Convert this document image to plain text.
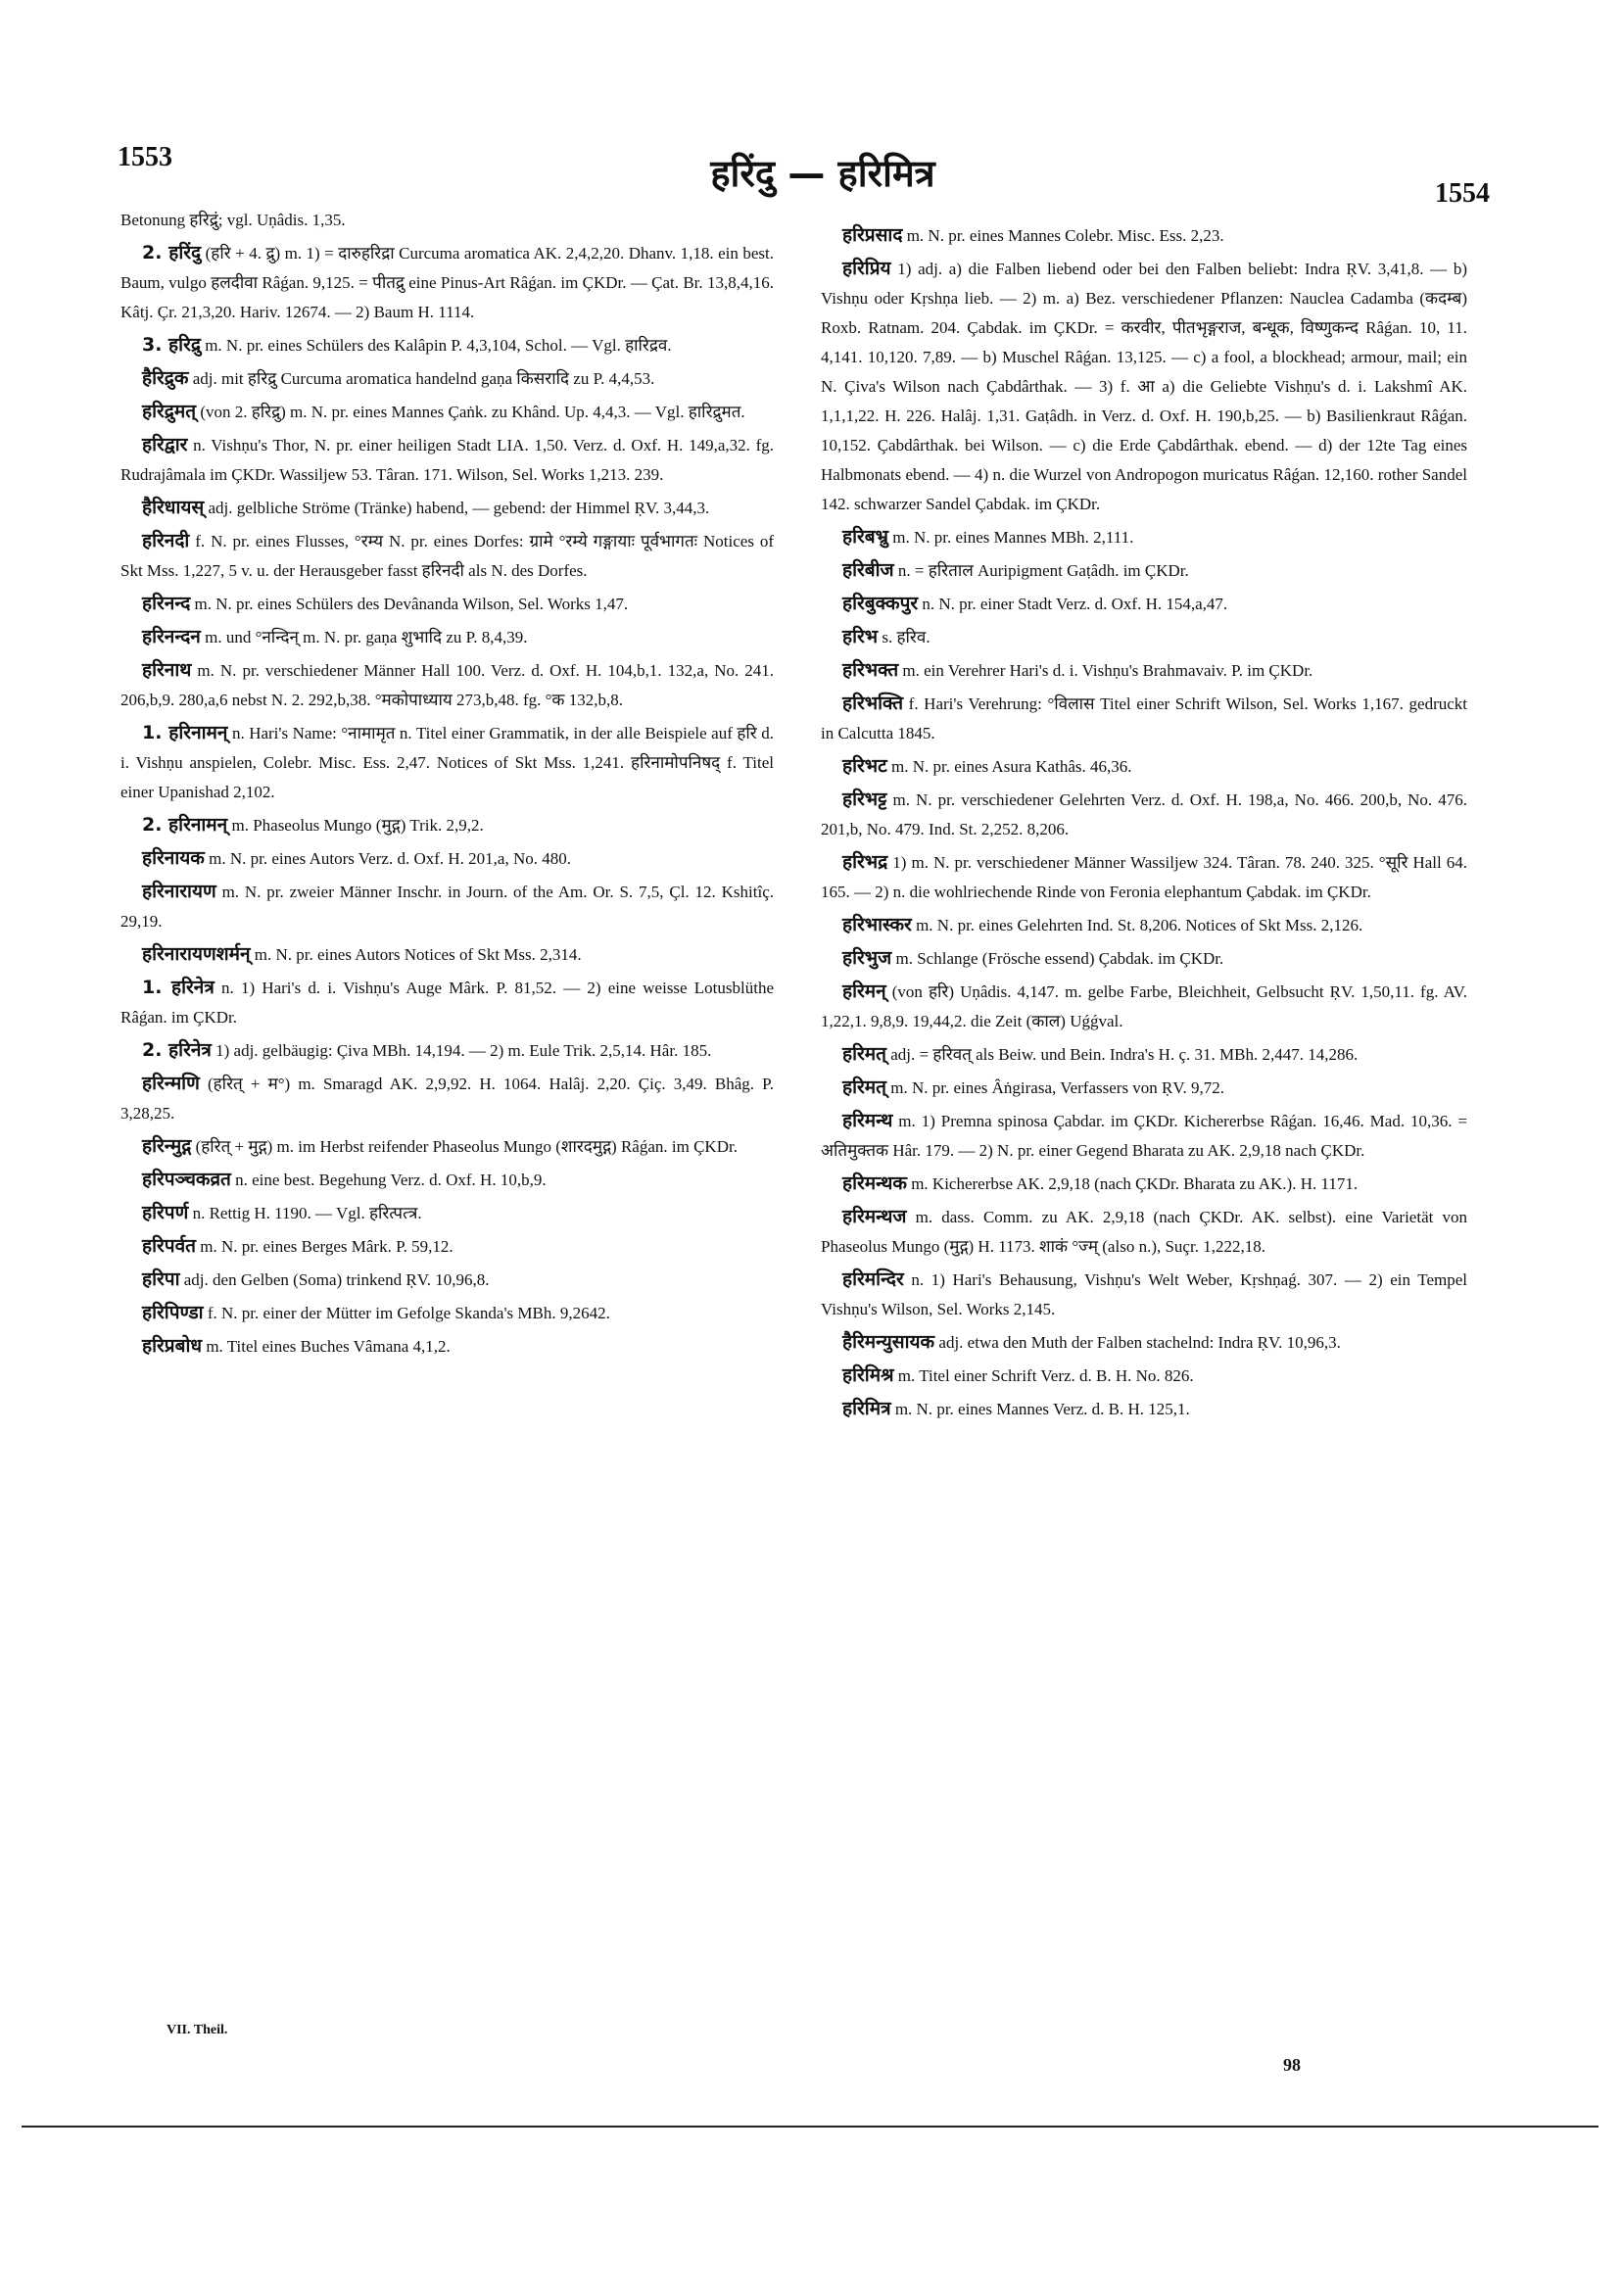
1553	हरिंदु — हरिमित्र	1554

Betonung हरिद्रुं; vgl. Uṇâdis. 1,35.

2. हरिंदु (हरि + 4. द्रु) m. 1) = दारुहरिद्रा Curcuma aromatica AK. 2,4,2,20. Dhanv. 1,18. ein best. Baum, vulgo हलदीवा Râǵan. 9,125. = पीतद्रु eine Pinus-Art Râǵan. im ÇKDr. — Çat. Br. 13,8,4,16. Kâtj. Çr. 21,3,20. Hariv. 12674. — 2) Baum H. 1114.

3. हरिद्रु m. N. pr. eines Schülers des Kalâpin P. 4,3,104, Schol. — Vgl. हारिद्रव.

हैरिद्रुक adj. mit हरिद्रु Curcuma aromatica handelnd gaṇa किसरादि zu P. 4,4,53.

हरिद्रुमत् (von 2. हरिद्रु) m. N. pr. eines Mannes Çaṅk. zu Khând. Up. 4,4,3. — Vgl. हारिद्रुमत.

हरिद्वार n. Vishṇu's Thor, N. pr. einer heiligen Stadt LIA. 1,50. Verz. d. Oxf. H. 149,a,32. fg. Rudrajâmala im ÇKDr. Wassiljew 53. Târan. 171. Wilson, Sel. Works 1,213. 239.

हैरिधायस् adj. gelbliche Ströme (Tränke) habend, — gebend: der Himmel ṚV. 3,44,3.

हरिनदी f. N. pr. eines Flusses, °रम्य N. pr. eines Dorfes: ग्रामे °रम्ये गङ्गायाः पूर्वभागतः Notices of Skt Mss. 1,227, 5 v. u. der Herausgeber fasst हरिनदी als N. des Dorfes.

हरिनन्द m. N. pr. eines Schülers des Devânanda Wilson, Sel. Works 1,47.

हरिनन्दन m. und °नन्दिन् m. N. pr. gaṇa शुभादि zu P. 8,4,39.

हरिनाथ m. N. pr. verschiedener Männer Hall 100. Verz. d. Oxf. H. 104,b,1. 132,a, No. 241. 206,b,9. 280,a,6 nebst N. 2. 292,b,38. °मकोपाध्याय 273,b,48. fg. °क 132,b,8.

1. हरिनामन् n. Hari's Name: °नामामृत n. Titel einer Grammatik, in der alle Beispiele auf हरि d. i. Vishṇu anspielen, Colebr. Misc. Ess. 2,47. Notices of Skt Mss. 1,241. हरिनामोपनिषद् f. Titel einer Upanishad 2,102.

2. हरिनामन् m. Phaseolus Mungo (मुद्ग) Trik. 2,9,2.

हरिनायक m. N. pr. eines Autors Verz. d. Oxf. H. 201,a, No. 480.

हरिनारायण m. N. pr. zweier Männer Inschr. in Journ. of the Am. Or. S. 7,5, Çl. 12. Kshitîç. 29,19.

हरिनारायणशर्मन् m. N. pr. eines Autors Notices of Skt Mss. 2,314.

1. हरिनेत्र n. 1) Hari's d. i. Vishṇu's Auge Mârk. P. 81,52. — 2) eine weisse Lotusblüthe Râǵan. im ÇKDr.

2. हरिनेत्र 1) adj. gelbäugig: Çiva MBh. 14,194. — 2) m. Eule Trik. 2,5,14. Hâr. 185.

हरिन्मणि (हरित् + म°) m. Smaragd AK. 2,9,92. H. 1064. Halâj. 2,20. Çiç. 3,49. Bhâg. P. 3,28,25.

हरिन्मुद्ग (हरित् + मुद्ग) m. im Herbst reifender Phaseolus Mungo (शारदमुद्ग) Râǵan. im ÇKDr.

हरिपञ्चकव्रत n. eine best. Begehung Verz. d. Oxf. H. 10,b,9.

हरिपर्ण n. Rettig H. 1190. — Vgl. हरित्पत्त्र.

हरिपर्वत m. N. pr. eines Berges Mârk. P. 59,12.

हरिपा adj. den Gelben (Soma) trinkend ṚV. 10,96,8.

हरिपिण्डा f. N. pr. einer der Mütter im Gefolge Skanda's MBh. 9,2642.

हरिप्रबोध m. Titel eines Buches Vâmana 4,1,2.

हरिप्रसाद m. N. pr. eines Mannes Colebr. Misc. Ess. 2,23.

हरिप्रिय 1) adj. a) die Falben liebend oder bei den Falben beliebt: Indra ṚV. 3,41,8. — b) Vishṇu oder Kṛshṇa lieb. — 2) m. a) Bez. verschiedener Pflanzen: Nauclea Cadamba (कदम्ब) Roxb. Ratnam. 204. Çabdak. im ÇKDr. = करवीर, पीतभृङ्गराज, बन्धूक, विष्णुकन्द Râǵan. 10, 11. 4,141. 10,120. 7,89. — b) Muschel Râǵan. 13,125. — c) a fool, a blockhead; armour, mail; ein N. Çiva's Wilson nach Çabdârthak. — 3) f. आ a) die Geliebte Vishṇu's d. i. Lakshmî AK. 1,1,1,22. H. 226. Halâj. 1,31. Gaṭâdh. in Verz. d. Oxf. H. 190,b,25. — b) Basilienkraut Râǵan. 10,152. Çabdârthak. bei Wilson. — c) die Erde Çabdârthak. ebend. — d) der 12te Tag eines Halbmonats ebend. — 4) n. die Wurzel von Andropogon muricatus Râǵan. 12,160. rother Sandel 142. schwarzer Sandel Çabdak. im ÇKDr.

हरिबभ्रु m. N. pr. eines Mannes MBh. 2,111.

हरिबीज n. = हरिताल Auripigment Gaṭâdh. im ÇKDr.

हरिबुक्कपुर n. N. pr. einer Stadt Verz. d. Oxf. H. 154,a,47.

हरिभ s. हरिव.

हरिभक्त m. ein Verehrer Hari's d. i. Vishṇu's Brahmavaiv. P. im ÇKDr.

हरिभक्ति f. Hari's Verehrung: °विलास Titel einer Schrift Wilson, Sel. Works 1,167. gedruckt in Calcutta 1845.

हरिभट m. N. pr. eines Asura Kathâs. 46,36.

हरिभट्ट m. N. pr. verschiedener Gelehrten Verz. d. Oxf. H. 198,a, No. 466. 200,b, No. 476. 201,b, No. 479. Ind. St. 2,252. 8,206.

हरिभद्र 1) m. N. pr. verschiedener Männer Wassiljew 324. Târan. 78. 240. 325. °सूरि Hall 64. 165. — 2) n. die wohlriechende Rinde von Feronia elephantum Çabdak. im ÇKDr.

हरिभास्कर m. N. pr. eines Gelehrten Ind. St. 8,206. Notices of Skt Mss. 2,126.

हरिभुज m. Schlange (Frösche essend) Çabdak. im ÇKDr.

हरिमन् (von हरि) Uṇâdis. 4,147. m. gelbe Farbe, Bleichheit, Gelbsucht ṚV. 1,50,11. fg. AV. 1,22,1. 9,8,9. 19,44,2. die Zeit (काल) Uǵǵval.

हरिमत् adj. = हरिवत् als Beiw. und Bein. Indra's H. ç. 31. MBh. 2,447. 14,286.

हरिमत् m. N. pr. eines Âṅgirasa, Verfassers von ṚV. 9,72.

हरिमन्थ m. 1) Premna spinosa Çabdar. im ÇKDr. Kichererbse Râǵan. 16,46. Mad. 10,36. = अतिमुक्तक Hâr. 179. — 2) N. pr. einer Gegend Bharata zu AK. 2,9,18 nach ÇKDr.

हरिमन्थक m. Kichererbse AK. 2,9,18 (nach ÇKDr. Bharata zu AK.). H. 1171.

हरिमन्थज m. dass. Comm. zu AK. 2,9,18 (nach ÇKDr. AK. selbst). eine Varietät von Phaseolus Mungo (मुद्ग) H. 1173. शाकं °ज्म् (also n.), Suçr. 1,222,18.

हरिमन्दिर n. 1) Hari's Behausung, Vishṇu's Welt Weber, Kṛshṇaǵ. 307. — 2) ein Tempel Vishṇu's Wilson, Sel. Works 2,145.

हैरिमन्युसायक adj. etwa den Muth der Falben stachelnd: Indra ṚV. 10,96,3.

हरिमिश्र m. Titel einer Schrift Verz. d. B. H. No. 826.

हरिमित्र m. N. pr. eines Mannes Verz. d. B. H. 125,1.

VII. Theil.
98
